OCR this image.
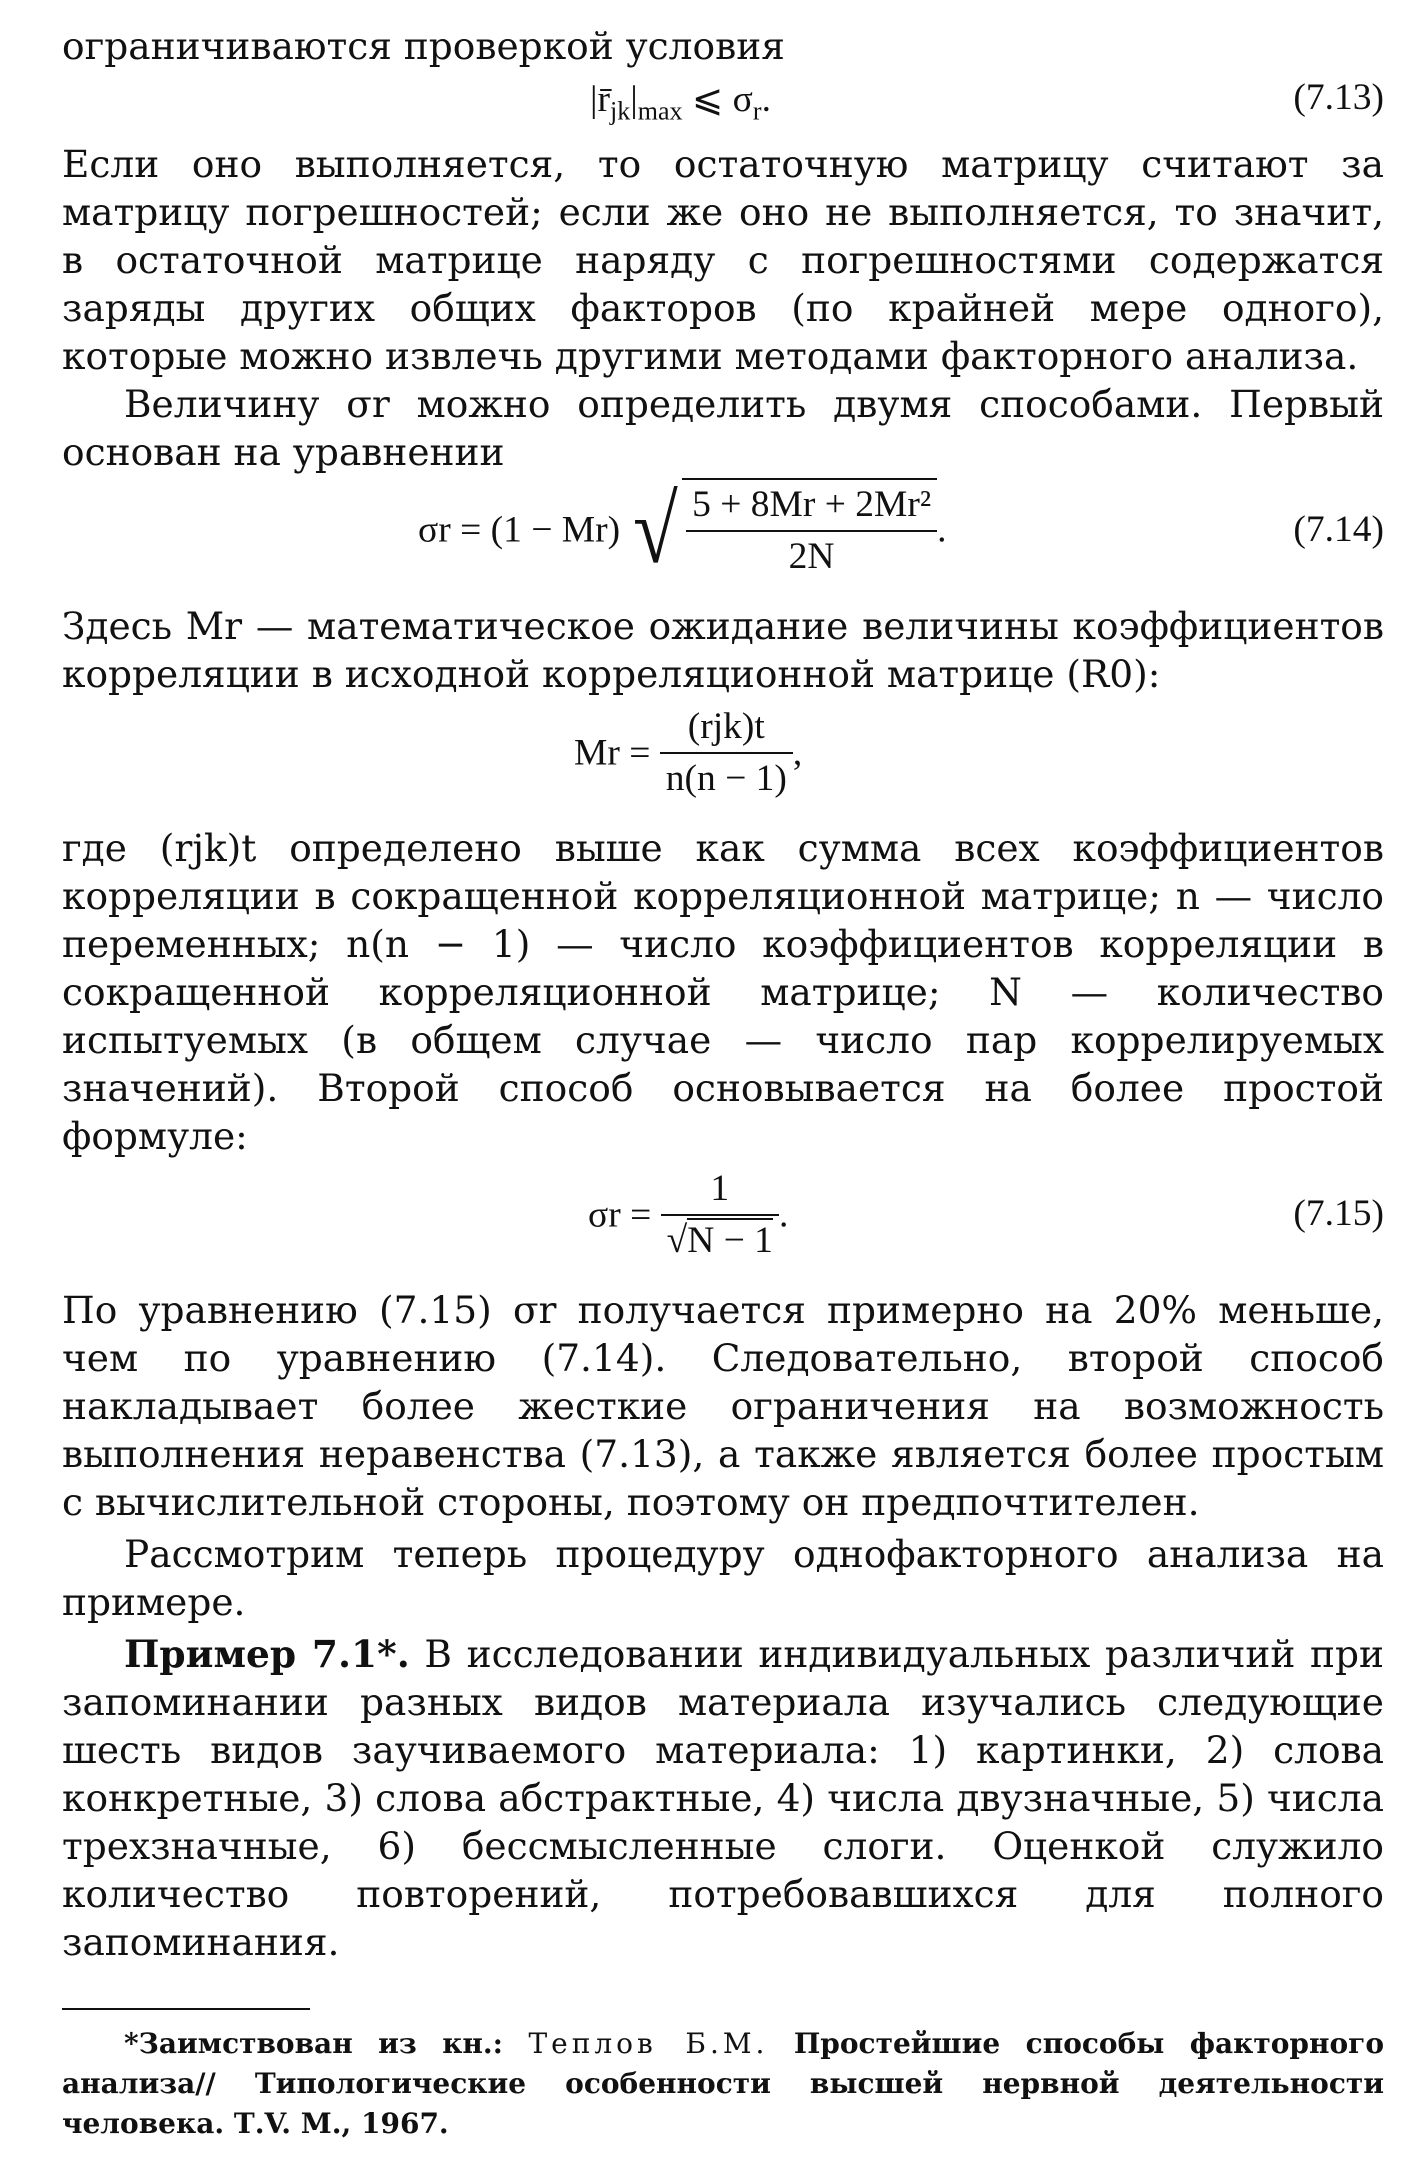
ограничиваются проверкой условия

$|r̄_{jk}|_{max}$ ⩽ $\sigma_r$.	(7.13)

Если оно выполняется, то остаточную матрицу считают за матрицу погрешностей; если же оно не выполняется, то значит, в остаточной матрице наряду с погрешностями содержатся заряды других общих факторов (по крайней мере одного), которые можно извлечь другими методами факторного анализа.

Величину σr можно определить двумя способами. Первый основан на уравнении

σr = (1 − Mr) √ $\frac{\text{5 + 8Mr + 2Mr²}}{2N}$ .	(7.14)

Здесь Mr — математическое ожидание величины коэффициентов корреляции в исходной корреляционной матрице (R0):

$Mr = \frac{\text{(rjk)t}}{n(n - 1)}$ ,

где (rjk)t определено выше как сумма всех коэффициентов корреляции в сокращенной корреляционной матрице; n — число переменных; n(n − 1) — число коэффициентов корреляции в сокращенной корреляционной матрице; N — количество испытуемых (в общем случае — число пар коррелируемых значений). Второй способ основывается на более простой формуле:

$\sigma r = \frac{1}{√N - 1}$ .	(7.15)

По уравнению (7.15) σr получается примерно на 20% меньше, чем по уравнению (7.14). Следовательно, второй способ накладывает более жесткие ограничения на возможность выполнения неравенства (7.13), а также является более простым с вычислительной стороны, поэтому он предпочтителен.

Рассмотрим теперь процедуру однофакторного анализа на примере.

Пример 7.1*. В исследовании индивидуальных различий при запоминании разных видов материала изучались следующие шесть видов заучиваемого материала: 1) картинки, 2) слова конкретные, 3) слова абстрактные, 4) числа двузначные, 5) числа трехзначные, 6) бессмысленные слоги. Оценкой служило количество повторений, потребовавшихся для полного запоминания.

*Заимствован из кн.: Теплов Б.М. Простейшие способы факторного анализа// Типологические особенности высшей нервной деятельности человека. Т.V. М., 1967.
